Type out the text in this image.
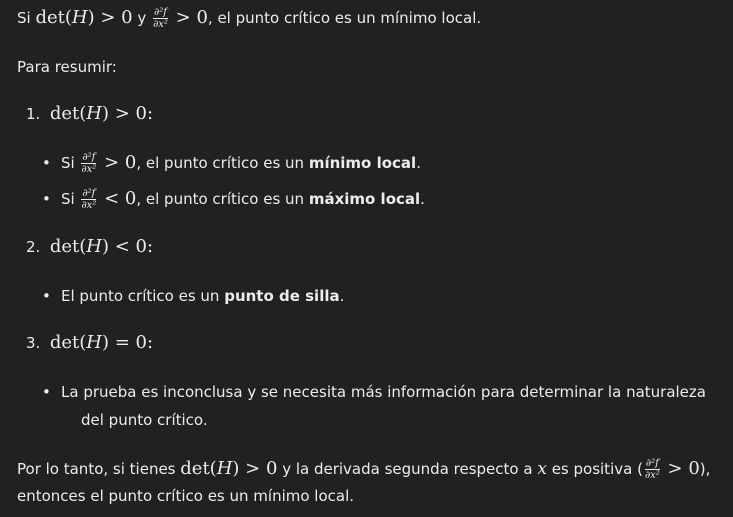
Si det(H) > 0 y $\frac{\text{∂²f}}{\text{∂x²}} > 0$, el punto crítico es un mínimo local.
Para resumir:
1. det(H) > 0:
• Si $\frac{\text{∂²f}}{\text{∂x²}} > 0$, el punto crítico es un mínimo local.
• Si $\frac{\text{∂²f}}{\text{∂x²}} < 0$, el punto crítico es un máximo local.
2. det(H) < 0:
• El punto crítico es un punto de silla.
3. det(H) = 0:
• La prueba es inconclusa y se necesita más información para determinar la naturaleza
del punto crítico.
Por lo tanto, si tienes det(H) > 0 y la derivada segunda respecto a x es positiva ( $\frac{\text{∂²f}}{\text{∂x²}} > 0$),
entonces el punto crítico es un mínimo local.
